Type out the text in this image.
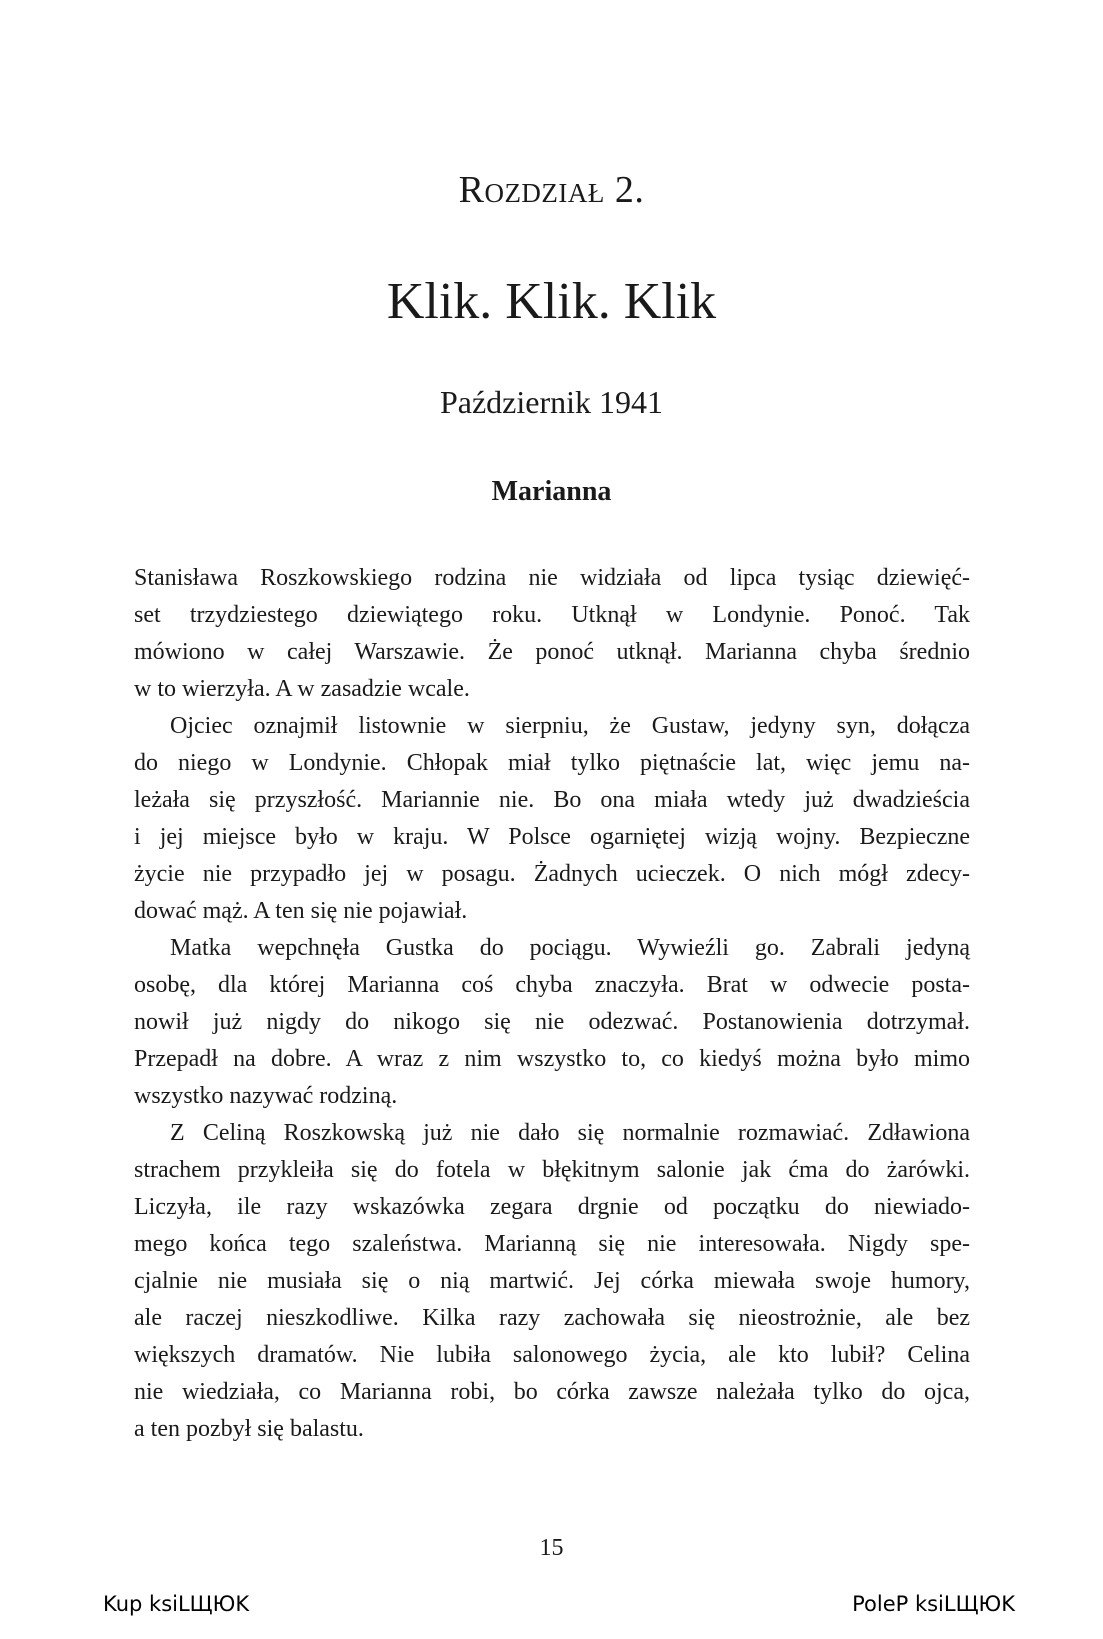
Rozdział 2.
Klik. Klik. Klik
Październik 1941
Marianna
Stanisława Roszkowskiego rodzina nie widziała od lipca tysiąc dziewięć-
set trzydziestego dziewiątego roku. Utknął w Londynie. Ponoć. Tak
mówiono w całej Warszawie. Że ponoć utknął. Marianna chyba średnio
w to wierzyła. A w zasadzie wcale.
Ojciec oznajmił listownie w sierpniu, że Gustaw, jedyny syn, dołącza
do niego w Londynie. Chłopak miał tylko piętnaście lat, więc jemu na-
leżała się przyszłość. Mariannie nie. Bo ona miała wtedy już dwadzieścia
i jej miejsce było w kraju. W Polsce ogarniętej wizją wojny. Bezpieczne
życie nie przypadło jej w posagu. Żadnych ucieczek. O nich mógł zdecy-
dować mąż. A ten się nie pojawiał.
Matka wepchnęła Gustka do pociągu. Wywieźli go. Zabrali jedyną
osobę, dla której Marianna coś chyba znaczyła. Brat w odwecie posta-
nowił już nigdy do nikogo się nie odezwać. Postanowienia dotrzymał.
Przepadł na dobre. A wraz z nim wszystko to, co kiedyś można było mimo
wszystko nazywać rodziną.
Z Celiną Roszkowską już nie dało się normalnie rozmawiać. Zdławiona
strachem przykleiła się do fotela w błękitnym salonie jak ćma do żarówki.
Liczyła, ile razy wskazówka zegara drgnie od początku do niewiado-
mego końca tego szaleństwa. Marianną się nie interesowała. Nigdy spe-
cjalnie nie musiała się o nią martwić. Jej córka miewała swoje humory,
ale raczej nieszkodliwe. Kilka razy zachowała się nieostrożnie, ale bez
większych dramatów. Nie lubiła salonowego życia, ale kto lubił? Celina
nie wiedziała, co Marianna robi, bo córka zawsze należała tylko do ojca,
a ten pozbył się balastu.
15
Kup ksiLЩЮK	PoleP ksiLЩЮK
